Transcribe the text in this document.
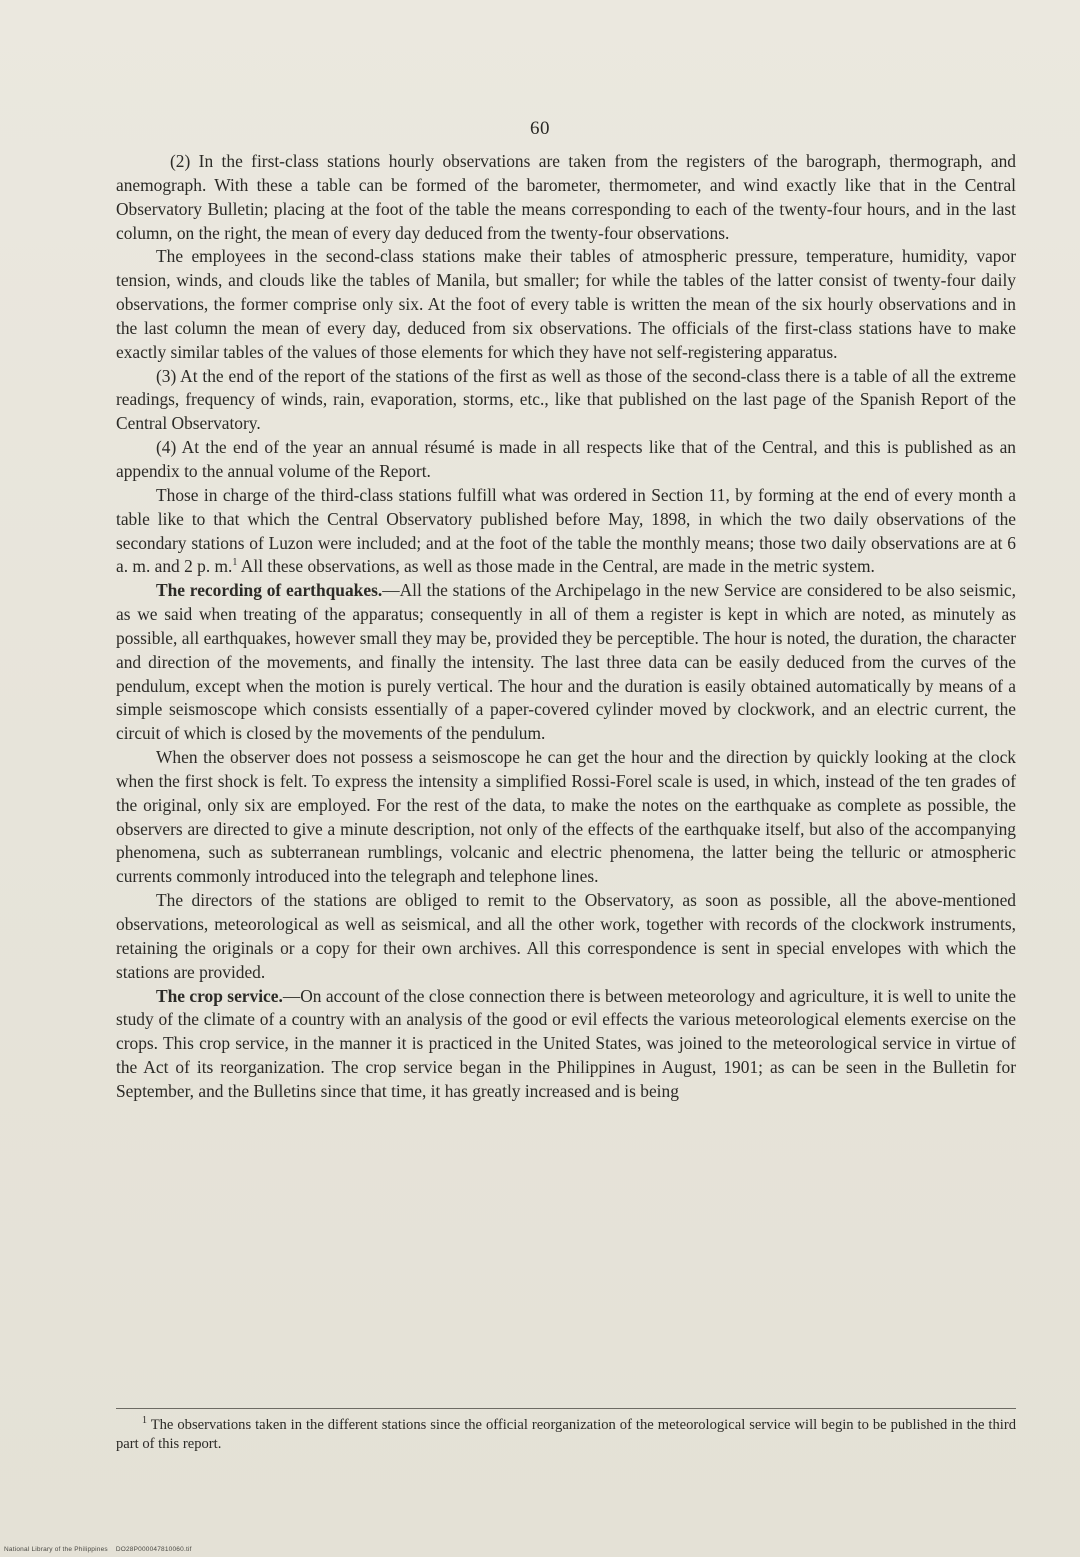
60

(2) In the first-class stations hourly observations are taken from the registers of the barograph, thermograph, and anemograph. With these a table can be formed of the barometer, thermometer, and wind exactly like that in the Central Observatory Bulletin; placing at the foot of the table the means corresponding to each of the twenty-four hours, and in the last column, on the right, the mean of every day deduced from the twenty-four observations.

The employees in the second-class stations make their tables of atmospheric pressure, temperature, humidity, vapor tension, winds, and clouds like the tables of Manila, but smaller; for while the tables of the latter consist of twenty-four daily observations, the former comprise only six. At the foot of every table is written the mean of the six hourly observations and in the last column the mean of every day, deduced from six observations. The officials of the first-class stations have to make exactly similar tables of the values of those elements for which they have not self-registering apparatus.

(3) At the end of the report of the stations of the first as well as those of the second-class there is a table of all the extreme readings, frequency of winds, rain, evaporation, storms, etc., like that published on the last page of the Spanish Report of the Central Observatory.

(4) At the end of the year an annual résumé is made in all respects like that of the Central, and this is published as an appendix to the annual volume of the Report.

Those in charge of the third-class stations fulfill what was ordered in Section 11, by forming at the end of every month a table like to that which the Central Observatory published before May, 1898, in which the two daily observations of the secondary stations of Luzon were included; and at the foot of the table the monthly means; those two daily observations are at 6 a. m. and 2 p. m.$^1$ All these observations, as well as those made in the Central, are made in the metric system.

The recording of earthquakes.—All the stations of the Archipelago in the new Service are considered to be also seismic, as we said when treating of the apparatus; consequently in all of them a register is kept in which are noted, as minutely as possible, all earthquakes, however small they may be, provided they be perceptible. The hour is noted, the duration, the character and direction of the movements, and finally the intensity. The last three data can be easily deduced from the curves of the pendulum, except when the motion is purely vertical. The hour and the duration is easily obtained automatically by means of a simple seismoscope which consists essentially of a paper-covered cylinder moved by clockwork, and an electric current, the circuit of which is closed by the movements of the pendulum.

When the observer does not possess a seismoscope he can get the hour and the direction by quickly looking at the clock when the first shock is felt. To express the intensity a simplified Rossi-Forel scale is used, in which, instead of the ten grades of the original, only six are employed. For the rest of the data, to make the notes on the earthquake as complete as possible, the observers are directed to give a minute description, not only of the effects of the earthquake itself, but also of the accompanying phenomena, such as subterranean rumblings, volcanic and electric phenomena, the latter being the telluric or atmospheric currents commonly introduced into the telegraph and telephone lines.

The directors of the stations are obliged to remit to the Observatory, as soon as possible, all the above-mentioned observations, meteorological as well as seismical, and all the other work, together with records of the clockwork instruments, retaining the originals or a copy for their own archives. All this correspondence is sent in special envelopes with which the stations are provided.

The crop service.—On account of the close connection there is between meteorology and agriculture, it is well to unite the study of the climate of a country with an analysis of the good or evil effects the various meteorological elements exercise on the crops. This crop service, in the manner it is practiced in the United States, was joined to the meteorological service in virtue of the Act of its reorganization. The crop service began in the Philippines in August, 1901; as can be seen in the Bulletin for September, and the Bulletins since that time, it has greatly increased and is being

$^1$ The observations taken in the different stations since the official reorganization of the meteorological service will begin to be published in the third part of this report.
National Library of the Philippines DO28P000047810060.tif
